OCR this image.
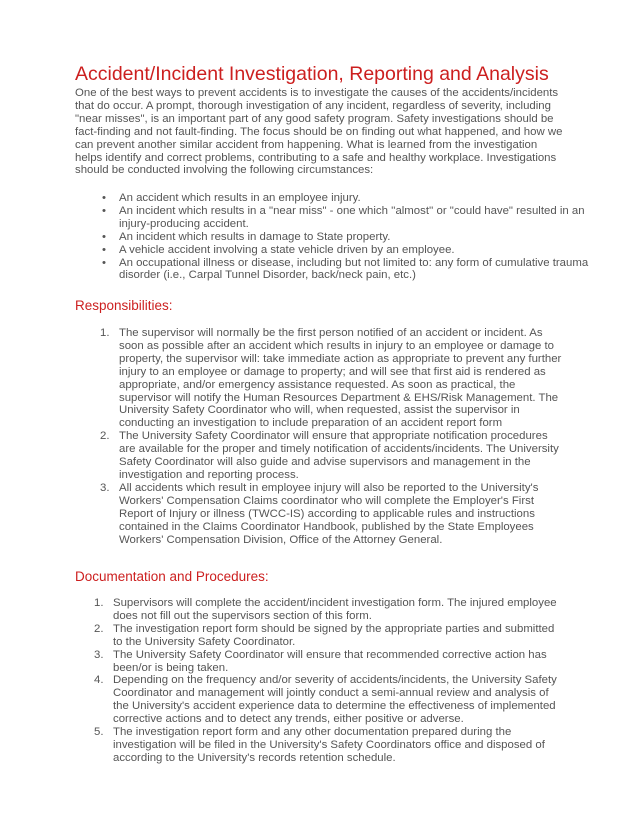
Accident/Incident Investigation, Reporting and Analysis

One of the best ways to prevent accidents is to investigate the causes of the accidents/incidents that do occur. A prompt, thorough investigation of any incident, regardless of severity, including "near misses", is an important part of any good safety program. Safety investigations should be fact-finding and not fault-finding. The focus should be on finding out what happened, and how we can prevent another similar accident from happening. What is learned from the investigation helps identify and correct problems, contributing to a safe and healthy workplace. Investigations should be conducted involving the following circumstances:

• An accident which results in an employee injury.
• An incident which results in a "near miss" - one which ''almost'' or "could have" resulted in an injury-producing accident.
• An incident which results in damage to State property.
• A vehicle accident involving a state vehicle driven by an employee.
• An occupational illness or disease, including but not limited to: any form of cumulative trauma disorder (i.e., Carpal Tunnel Disorder, back/neck pain, etc.)
Responsibilities:
1. The supervisor will normally be the first person notified of an accident or incident. As soon as possible after an accident which results in injury to an employee or damage to property, the supervisor will: take immediate action as appropriate to prevent any further injury to an employee or damage to property; and will see that first aid is rendered as appropriate, and/or emergency assistance requested. As soon as practical, the supervisor will notify the Human Resources Department & EHS/Risk Management. The University Safety Coordinator who will, when requested, assist the supervisor in conducting an investigation to include preparation of an accident report form
2. The University Safety Coordinator will ensure that appropriate notification procedures are available for the proper and timely notification of accidents/incidents. The University Safety Coordinator will also guide and advise supervisors and management in the investigation and reporting process.
3. All accidents which result in employee injury will also be reported to the University's Workers' Compensation Claims coordinator who will complete the Employer's First Report of Injury or illness (TWCC-IS) according to applicable rules and instructions contained in the Claims Coordinator Handbook, published by the State Employees Workers' Compensation Division, Office of the Attorney General.
Documentation and Procedures:
1. Supervisors will complete the accident/incident investigation form. The injured employee does not fill out the supervisors section of this form.
2. The investigation report form should be signed by the appropriate parties and submitted to the University Safety Coordinator.
3. The University Safety Coordinator will ensure that recommended corrective action has been/or is being taken.
4. Depending on the frequency and/or severity of accidents/incidents, the University Safety Coordinator and management will jointly conduct a semi-annual review and analysis of the University's accident experience data to determine the effectiveness of implemented corrective actions and to detect any trends, either positive or adverse.
5. The investigation report form and any other documentation prepared during the investigation will be filed in the University's Safety Coordinators office and disposed of according to the University's records retention schedule.
